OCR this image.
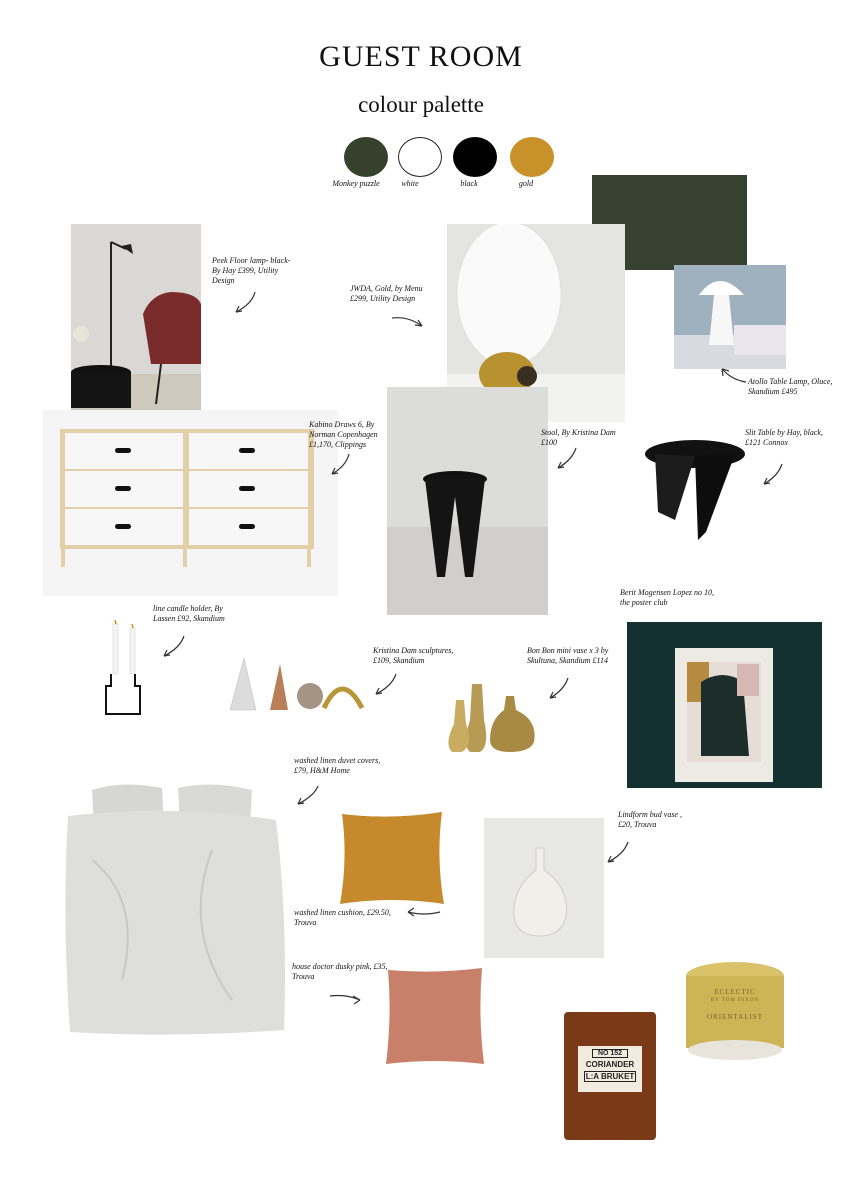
GUEST ROOM
colour palette
Monkey puzzle	white	black	gold
Peek Floor lamp- black- By Hay £399, Utility Design
JWDA, Gold, by Menu £299, Utility Design
Atollo Table Lamp, Oluce, Skandium £495
Kabino Draws 6, By Norman Copenhagen £1,170, Clippings
Stool, By Kristina Dam £100
Slit Table by Hay, black, £121 Connox
Berit Mogensen Lopez no 10, the poster club
line candle holder, By Lassen £92, Skandium
Kristina Dam sculptures, £109, Skandium
Bon Bon mini vase x 3 by Skultuna, Skandium £114
washed linen duvet covers, £79, H&M Home
washed linen cushion, £29.50, Trouva
Lindform bud vase , £20, Trouva
house doctor dusky pink, £35, Trouva
NO 152
CORIANDER
L:A BRUKET
ECLECTIC
BY TOM DIXON
ORIENTALIST
